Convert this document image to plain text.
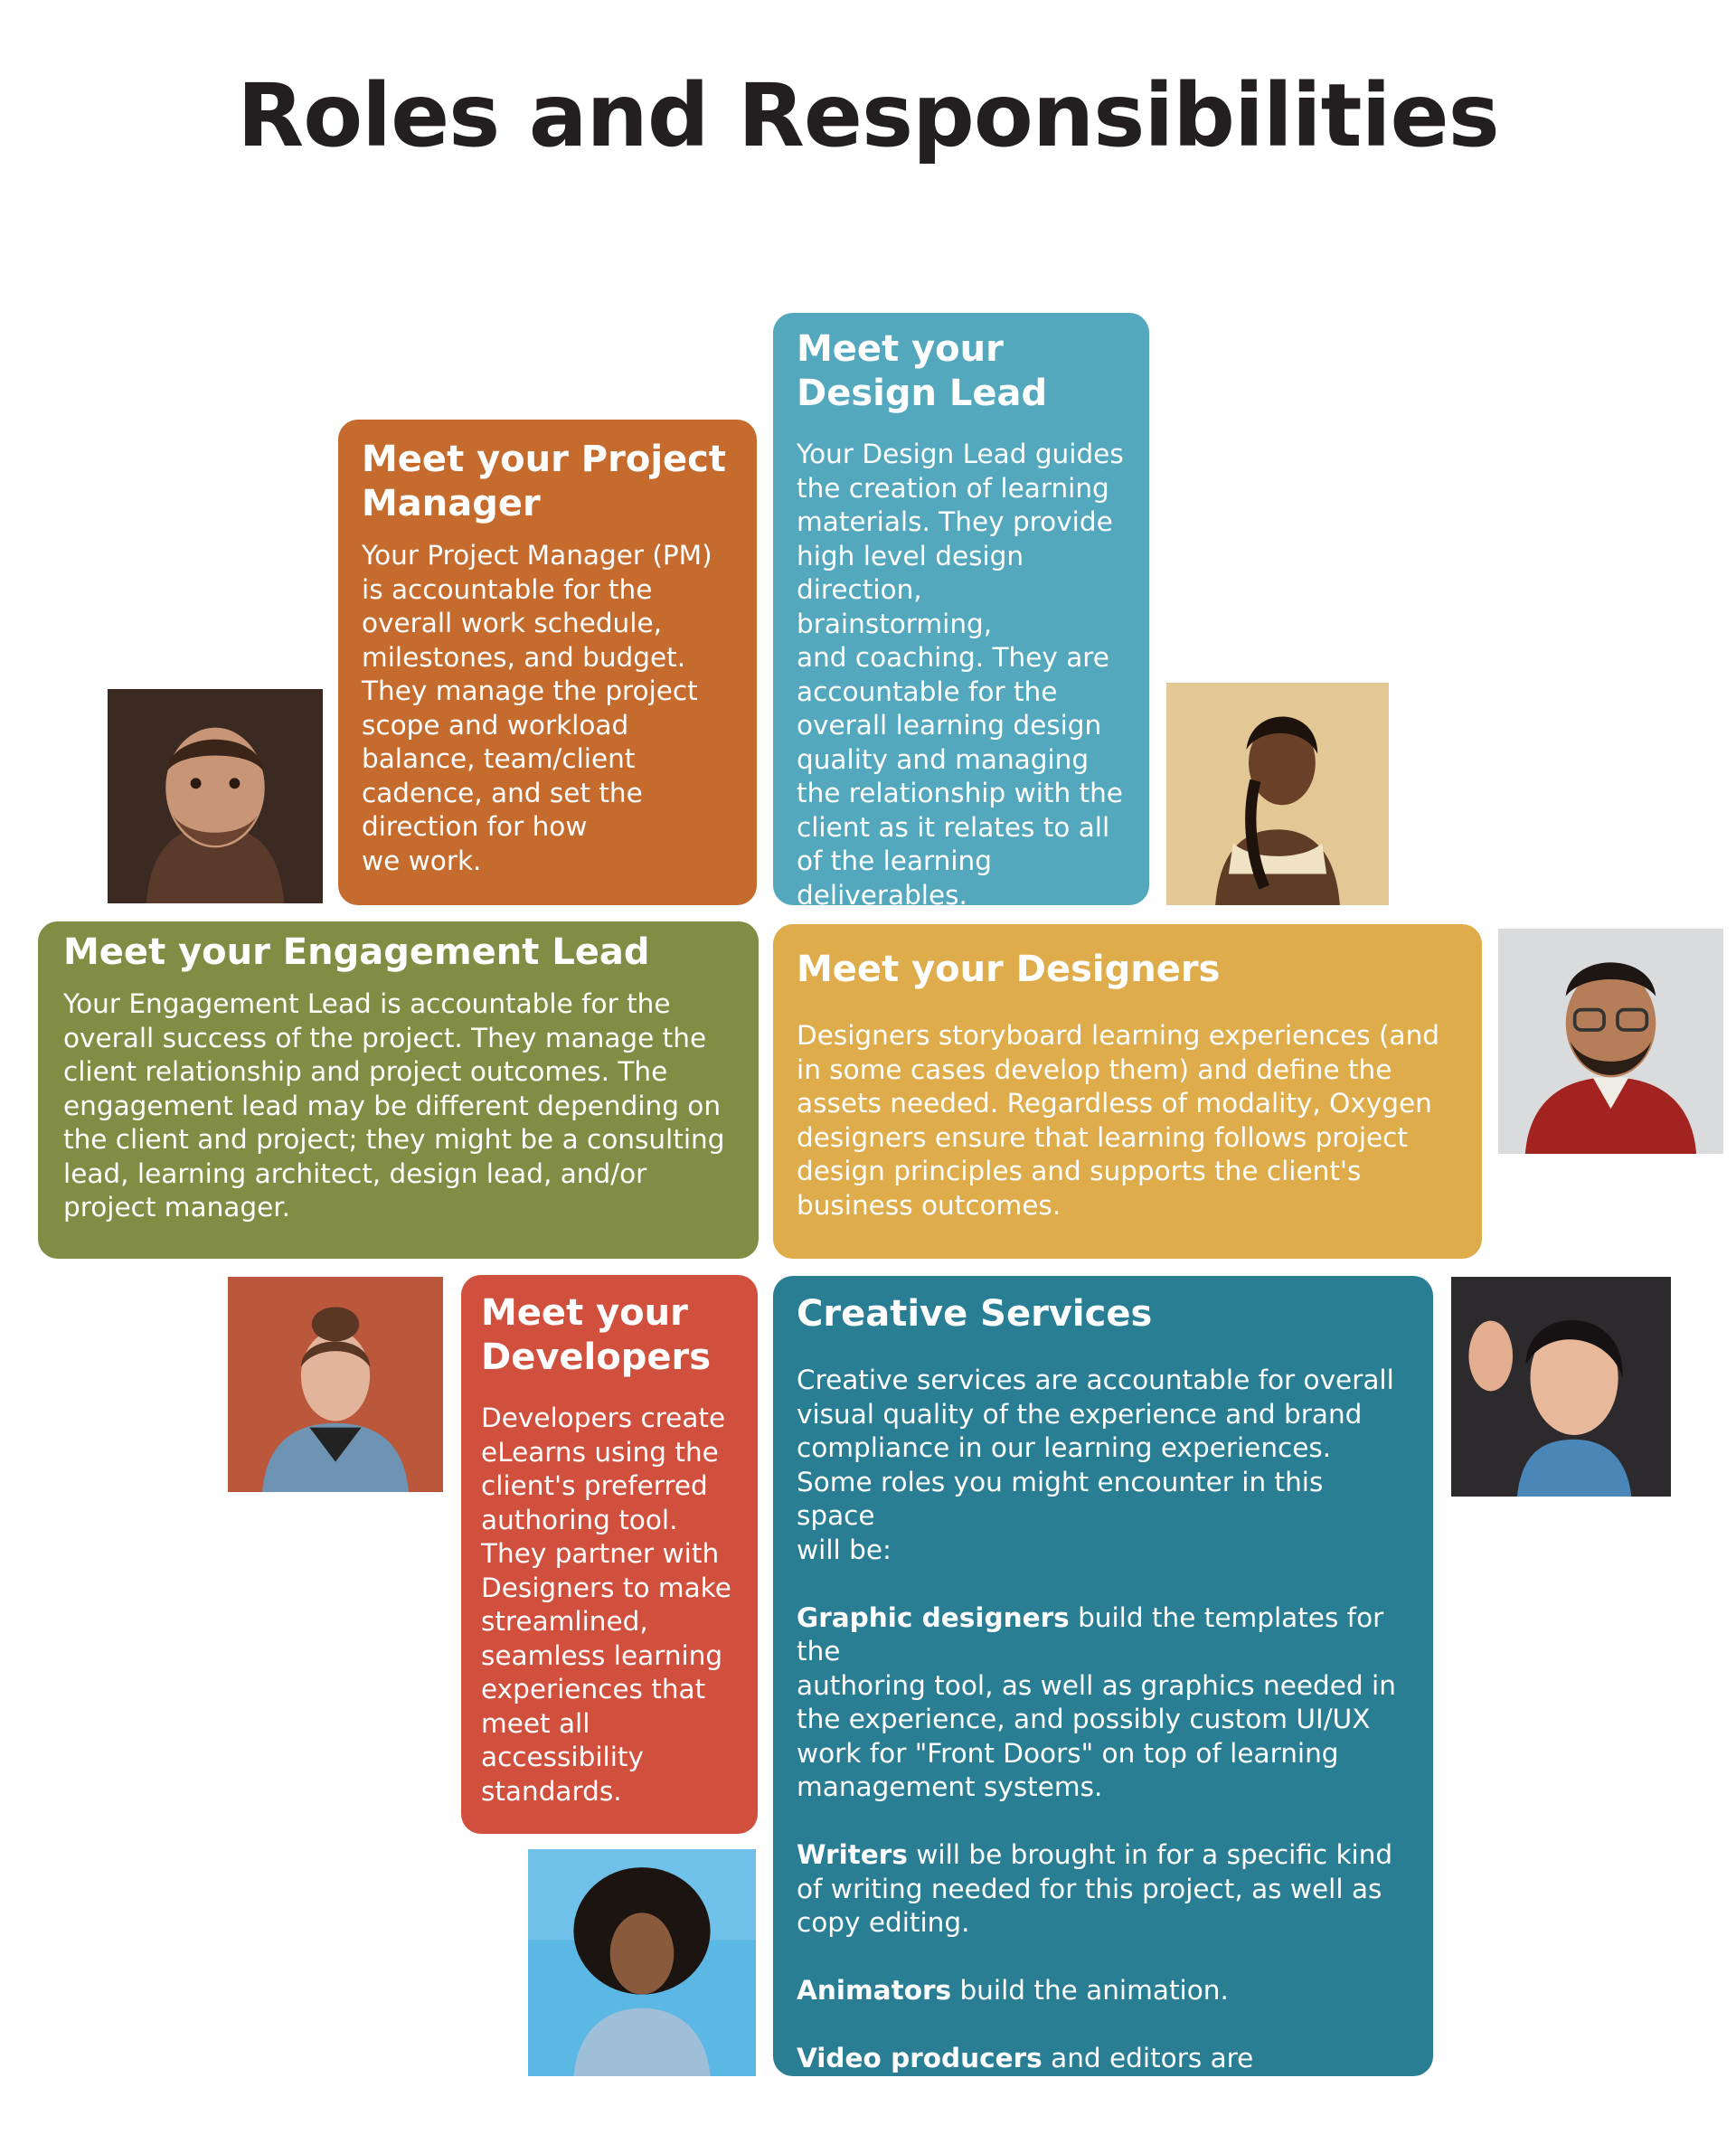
Roles and Responsibilities
Meet your Project
Manager

Your Project Manager (PM)
is accountable for the
overall work schedule,
milestones, and budget.
They manage the project
scope and workload
balance, team/client
cadence, and set the
direction for how
we work.

Meet your
Design Lead

Your Design Lead guides
the creation of learning
materials. They provide
high level design
direction, brainstorming,
and coaching. They are
accountable for the
overall learning design
quality and managing
the relationship with the
client as it relates to all
of the learning
deliverables.

Meet your Engagement Lead

Your Engagement Lead is accountable for the
overall success of the project. They manage the
client relationship and project outcomes. The
engagement lead may be different depending on
the client and project; they might be a consulting
lead, learning architect, design lead, and/or
project manager.

Meet your Designers

Designers storyboard learning experiences (and
in some cases develop them) and define the
assets needed. Regardless of modality, Oxygen
designers ensure that learning follows project
design principles and supports the client's
business outcomes.

Meet your
Developers

Developers create
eLearns using the
client's preferred
authoring tool.
They partner with
Designers to make
streamlined,
seamless learning
experiences that
meet all
accessibility
standards.

Creative Services

Creative services are accountable for overall
visual quality of the experience and brand
compliance in our learning experiences.
Some roles you might encounter in this space
will be:

Graphic designers build the templates for the
authoring tool, as well as graphics needed in
the experience, and possibly custom UI/UX
work for "Front Doors" on top of learning
management systems.

Writers will be brought in for a specific kind
of writing needed for this project, as well as
copy editing.

Animators build the animation.

Video producers and editors are responsbile
for all video related content.
